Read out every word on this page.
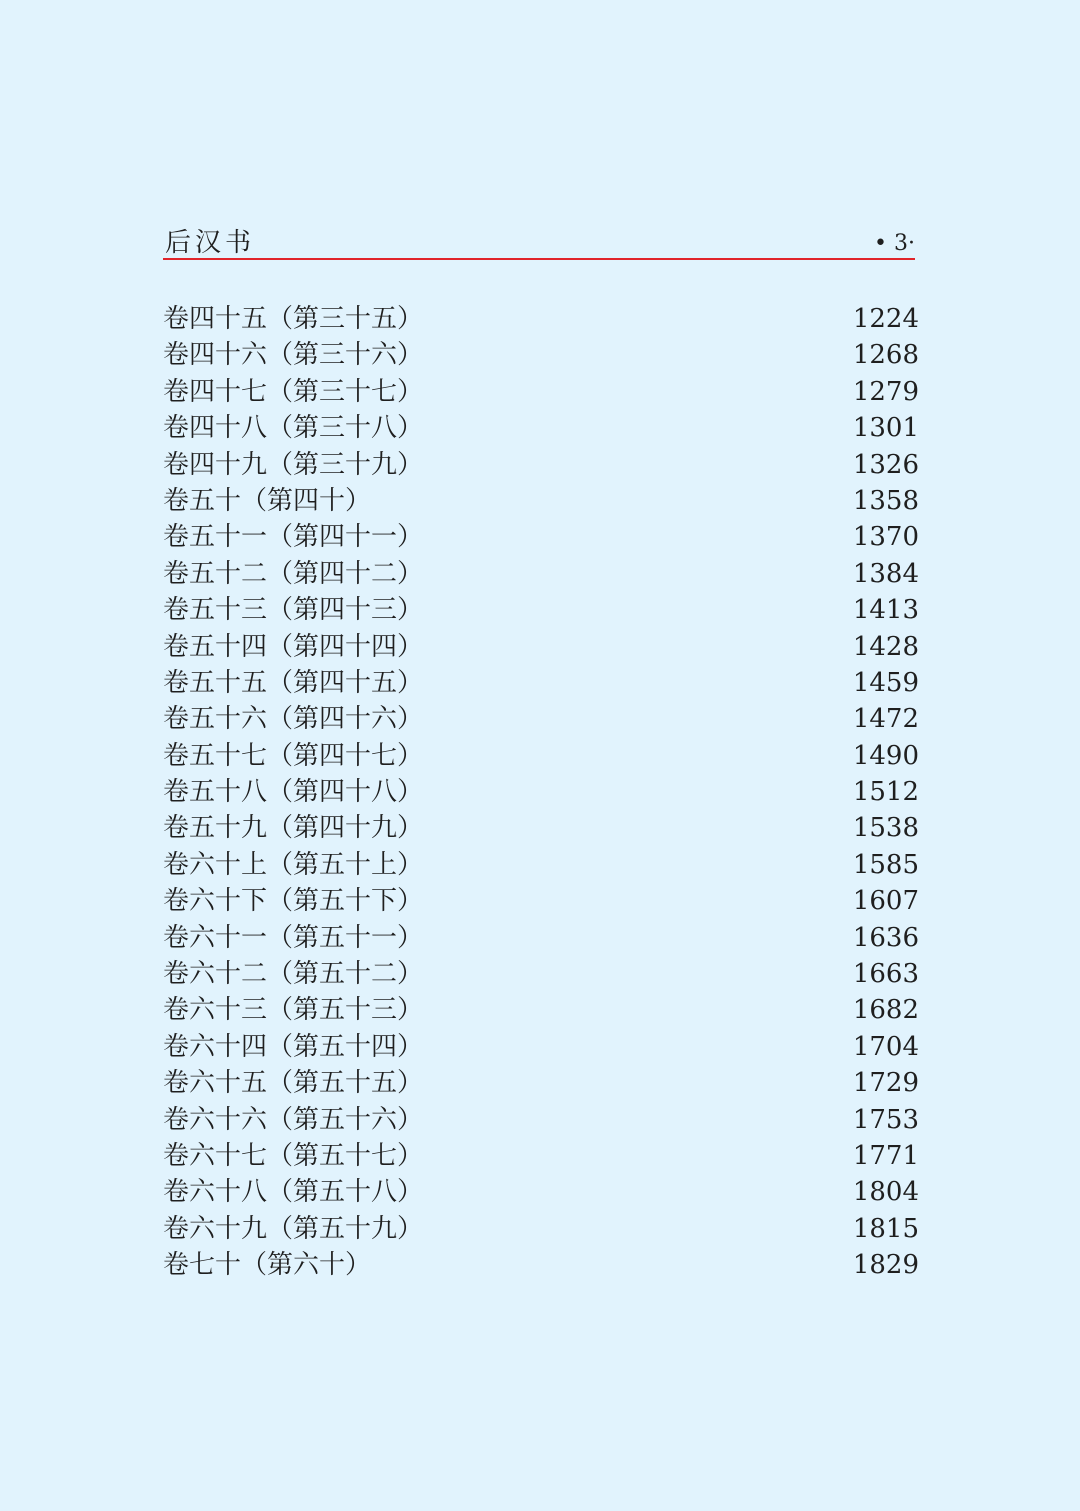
后汉书	• 3·
卷四十五（第三十五）	1224
卷四十六（第三十六）	1268
卷四十七（第三十七）	1279
卷四十八（第三十八）	1301
卷四十九（第三十九）	1326
卷五十（第四十）	1358
卷五十一（第四十一）	1370
卷五十二（第四十二）	1384
卷五十三（第四十三）	1413
卷五十四（第四十四）	1428
卷五十五（第四十五）	1459
卷五十六（第四十六）	1472
卷五十七（第四十七）	1490
卷五十八（第四十八）	1512
卷五十九（第四十九）	1538
卷六十上（第五十上）	1585
卷六十下（第五十下）	1607
卷六十一（第五十一）	1636
卷六十二（第五十二）	1663
卷六十三（第五十三）	1682
卷六十四（第五十四）	1704
卷六十五（第五十五）	1729
卷六十六（第五十六）	1753
卷六十七（第五十七）	1771
卷六十八（第五十八）	1804
卷六十九（第五十九）	1815
卷七十（第六十）	1829
